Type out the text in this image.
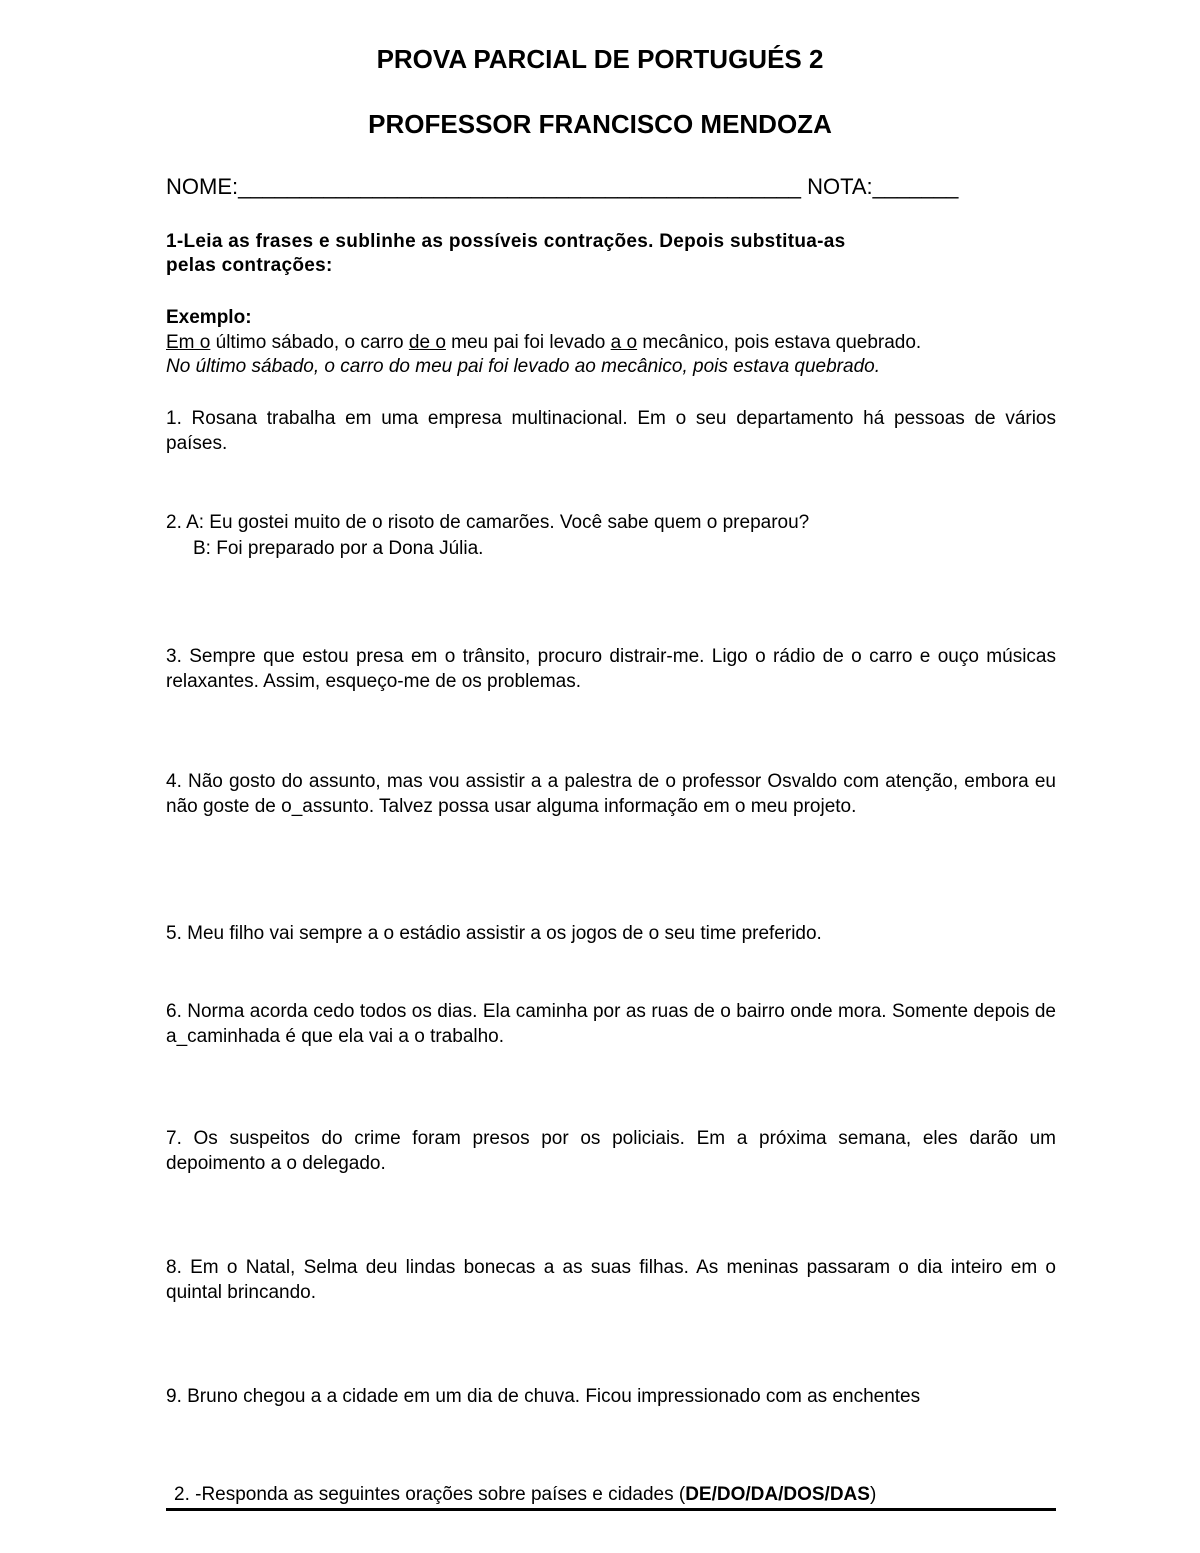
PROVA PARCIAL DE PORTUGUÉS 2
PROFESSOR FRANCISCO MENDOZA
NOME:______________________________________________ NOTA:_______

1-Leia as frases e sublinhe as possíveis contrações. Depois substitua-as

pelas contrações:

Exemplo:

Em o último sábado, o carro de o meu pai foi levado a o mecânico, pois estava quebrado.

No último sábado, o carro do meu pai foi levado ao mecânico, pois estava quebrado.

1. Rosana trabalha em uma empresa multinacional. Em o seu departamento há pessoas de vários países.

2. A: Eu gostei muito de o risoto de camarões. Você sabe quem o preparou?

B: Foi preparado por a Dona Júlia.

3. Sempre que estou presa em o trânsito, procuro distrair-me. Ligo o rádio de o carro e ouço músicas relaxantes. Assim, esqueço-me de os problemas.

4. Não gosto do assunto, mas vou assistir a a palestra de o professor Osvaldo com atenção, embora eu não goste de o_assunto. Talvez possa usar alguma informação em o meu projeto.

5. Meu filho vai sempre a o estádio assistir a os jogos de o seu time preferido.

6. Norma acorda cedo todos os dias. Ela caminha por as ruas de o bairro onde mora. Somente depois de a_caminhada é que ela vai a o trabalho.

7. Os suspeitos do crime foram presos por os policiais. Em a próxima semana, eles darão um depoimento a o delegado.

8. Em o Natal, Selma deu lindas bonecas a as suas filhas. As meninas passaram o dia inteiro em o quintal brincando.

9. Bruno chegou a a cidade em um dia de chuva. Ficou impressionado com as enchentes

2. -Responda as seguintes orações sobre países e cidades (DE/DO/DA/DOS/DAS)
